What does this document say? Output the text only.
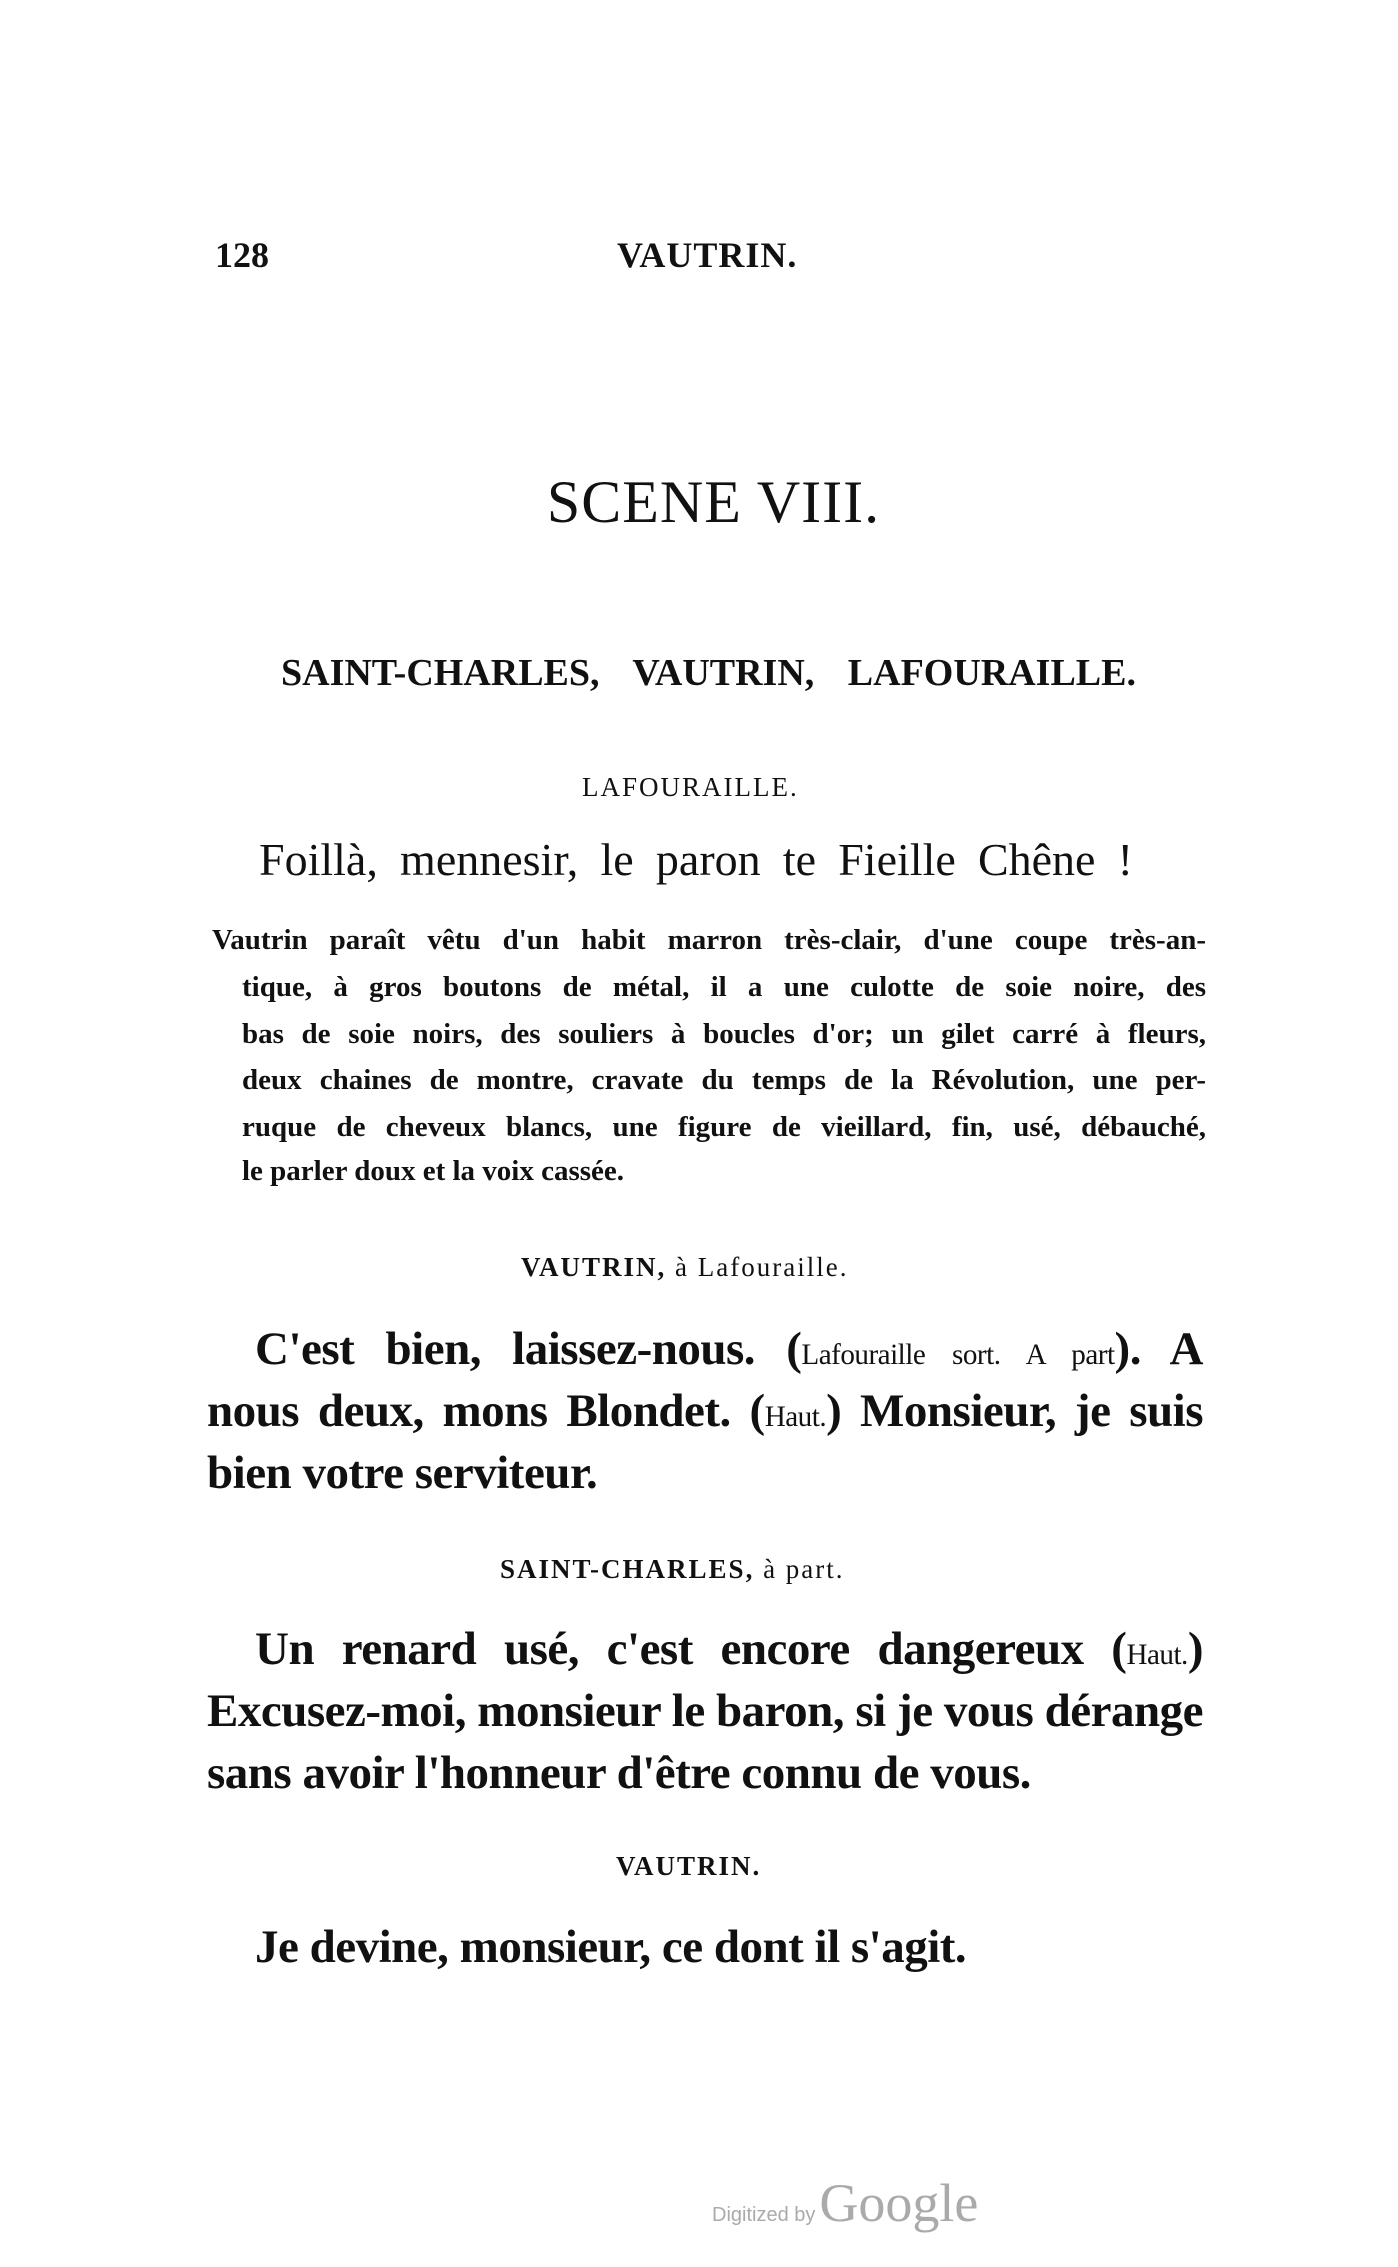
128	VAUTRIN.
SCENE VIII.
SAINT-CHARLES, VAUTRIN, LAFOURAILLE.
LAFOURAILLE.
Foillà, mennesir, le paron te Fieille Chêne !
Vautrin paraît vêtu d'un habit marron très-clair, d'une coupe très-an-
tique, à gros boutons de métal, il a une culotte de soie noire, des
bas de soie noirs, des souliers à boucles d'or; un gilet carré à fleurs,
deux chaines de montre, cravate du temps de la Révolution, une per-
ruque de cheveux blancs, une figure de vieillard, fin, usé, débauché,
le parler doux et la voix cassée.
VAUTRIN, à Lafouraille.
C'est bien, laissez-nous. (Lafouraille sort. A part). A
nous deux, mons Blondet. (Haut.) Monsieur, je suis
bien votre serviteur.
SAINT-CHARLES, à part.
Un renard usé, c'est encore dangereux (Haut.)
Excusez-moi, monsieur le baron, si je vous dérange
sans avoir l'honneur d'être connu de vous.
VAUTRIN.
Je devine, monsieur, ce dont il s'agit.
Digitized byGoogle
